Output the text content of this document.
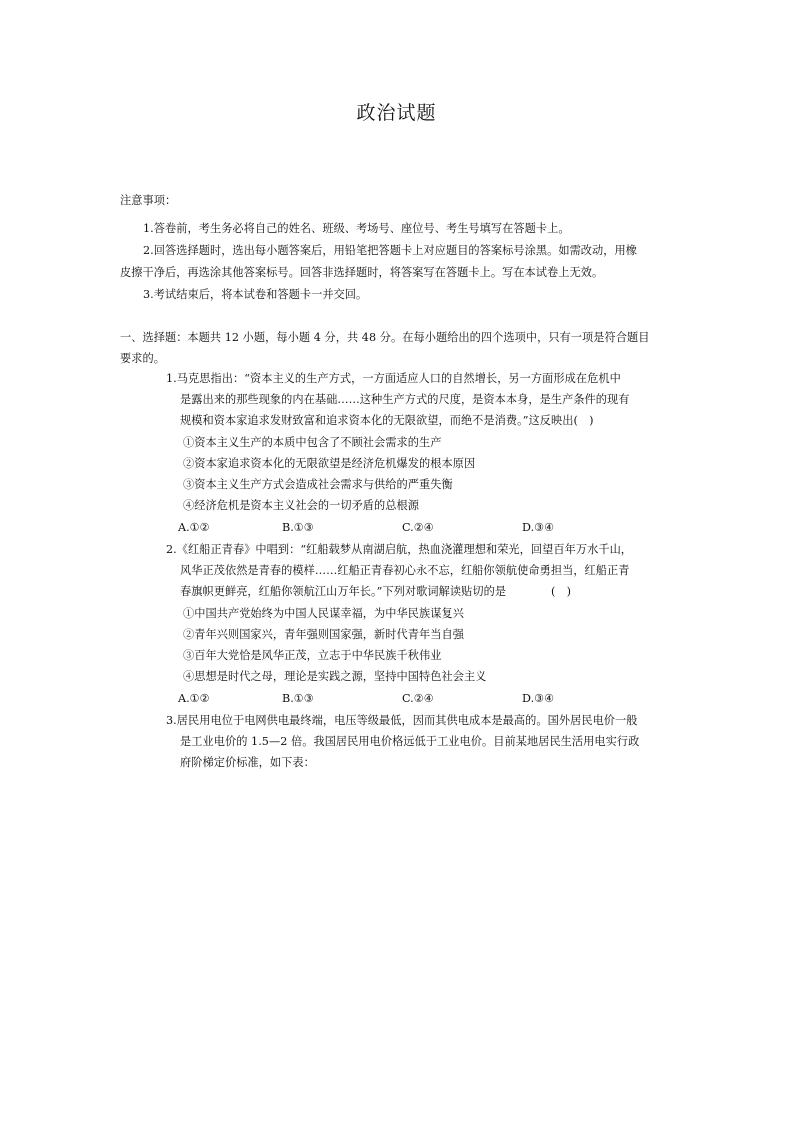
政治试题
注意事项：
1.答卷前，考生务必将自己的姓名、班级、考场号、座位号、考生号填写在答题卡上。
2.回答选择题时，选出每小题答案后，用铅笔把答题卡上对应题目的答案标号涂黑。如需改动，用橡
皮擦干净后，再选涂其他答案标号。回答非选择题时，将答案写在答题卡上。写在本试卷上无效。
3.考试结束后，将本试卷和答题卡一并交回。
一、选择题：本题共 12 小题，每小题 4 分，共 48 分。在每小题给出的四个选项中，只有一项是符合题目
要求的。
1.马克思指出：“资本主义的生产方式，一方面适应人口的自然增长，另一方面形成在危机中
是露出来的那些现象的内在基础……这种生产方式的尺度，是资本本身，是生产条件的现有
规模和资本家追求发财致富和追求资本化的无限欲望，而绝不是消费。”这反映出(　)
①资本主义生产的本质中包含了不顾社会需求的生产
②资本家追求资本化的无限欲望是经济危机爆发的根本原因
③资本主义生产方式会造成社会需求与供给的严重失衡
④经济危机是资本主义社会的一切矛盾的总根源
A.①②	B.①③	C.②④	D.③④
2.《红船正青春》中唱到：“红船载梦从南湖启航，热血浇灌理想和荣光，回望百年万水千山，
风华正茂依然是青春的模样……红船正青春初心永不忘，红船你领航使命勇担当，红船正青
春旗帜更鲜亮，红船你领航江山万年长。”下列对歌词解读贴切的是　　　　(　)
①中国共产党始终为中国人民谋幸福，为中华民族谋复兴
②青年兴则国家兴，青年强则国家强，新时代青年当自强
③百年大党恰是风华正茂，立志于中华民族千秋伟业
④思想是时代之母，理论是实践之源，坚持中国特色社会主义
A.①②	B.①③	C.②④	D.③④
3.居民用电位于电网供电最终端，电压等级最低，因而其供电成本是最高的。国外居民电价一般
是工业电价的 1.5—2 倍。我国居民用电价格远低于工业电价。目前某地居民生活用电实行政
府阶梯定价标准，如下表：
